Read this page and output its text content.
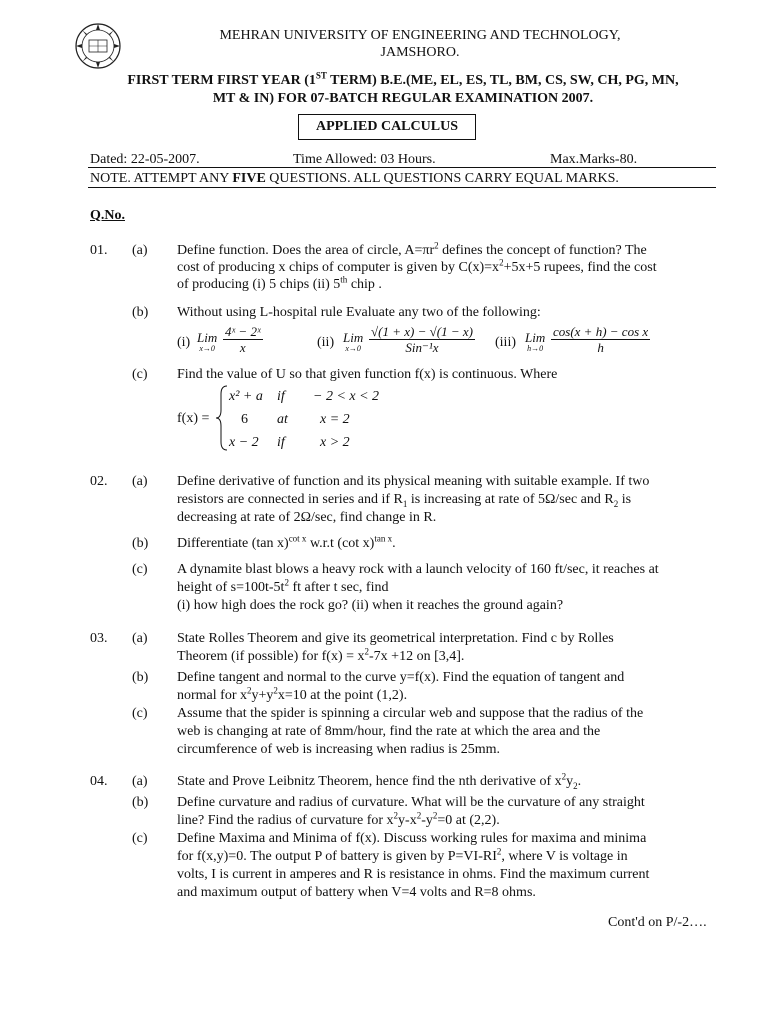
MEHRAN UNIVERSITY OF ENGINEERING AND TECHNOLOGY,
JAMSHORO.
FIRST TERM FIRST YEAR (1ST TERM) B.E.(ME, EL, ES, TL, BM, CS, SW, CH, PG, MN,
MT & IN) FOR 07-BATCH REGULAR EXAMINATION 2007.
APPLIED CALCULUS
Dated: 22-05-2007.	Time Allowed: 03 Hours.	Max.Marks-80.
NOTE. ATTEMPT ANY FIVE QUESTIONS. ALL QUESTIONS CARRY EQUAL MARKS.
Q.No.
01. (a) Define function. Does the area of circle, $A=\pi r^2$ defines the concept of function? The
cost of producing x chips of computer is given by $C(x)=x^2+5x+5$ rupees, find the cost
of producing (i) 5 chips (ii) 5th chip .
(b) Without using L-hospital rule Evaluate any two of the following:
(i) Lim
$x\to 0 \frac{\text{4ˣ − 2ˣ}}{x}$	(ii) Lim
x→0
√(1 + x) − √(1 − x)
Sin⁻¹x	(iii) Lim
$h\to 0 \frac{\text{cos(x + h) − cos x}}{h}$
(c) Find the value of U so that given function f(x) is continuous. Where
f(x) =
x² + a if − 2 < x < 2
6 at x = 2
x − 2 if	x > 2
02. (a) Define derivative of function and its physical meaning with suitable example. If two
resistors are connected in series and if $R_1$ is increasing at rate of 5Ω/sec and $R_2$ is
decreasing at rate of 2Ω/sec, find change in R.
(b) Differentiate (tan x)$^{cot x}$ w.r.t (cot x)$^{tan x}$.
(c) A dynamite blast blows a heavy rock with a launch velocity of 160 ft/sec, it reaches at
height of $s=100t-5t^2$ ft after t sec, find
(i) how high does the rock go? (ii) when it reaches the ground again?
03. (a) State Rolles Theorem and give its geometrical interpretation. Find c by Rolles
Theorem (if possible) for $f(x) = x^2-7x +12$ on [3,4].
(b) Define tangent and normal to the curve y=f(x). Find the equation of tangent and
normal for $x^2y+y^2x=10$ at the point (1,2).
(c) Assume that the spider is spinning a circular web and suppose that the radius of the
web is changing at rate of 8mm/hour, find the rate at which the area and the
circumference of web is increasing when radius is 25mm.
04. (a) State and Prove Leibnitz Theorem, hence find the nth derivative of $x^2y_2$.
(b) Define curvature and radius of curvature. What will be the curvature of any straight
line? Find the radius of curvature for $x^2y-x^2-y^2=0$ at (2,2).
(c) Define Maxima and Minima of f(x). Discuss working rules for maxima and minima
for f(x,y)=0. The output P of battery is given by $P=VI-RI^2$, where V is voltage in
volts, I is current in amperes and R is resistance in ohms. Find the maximum current
and maximum output of battery when V=4 volts and R=8 ohms.
Cont'd on P/-2….
